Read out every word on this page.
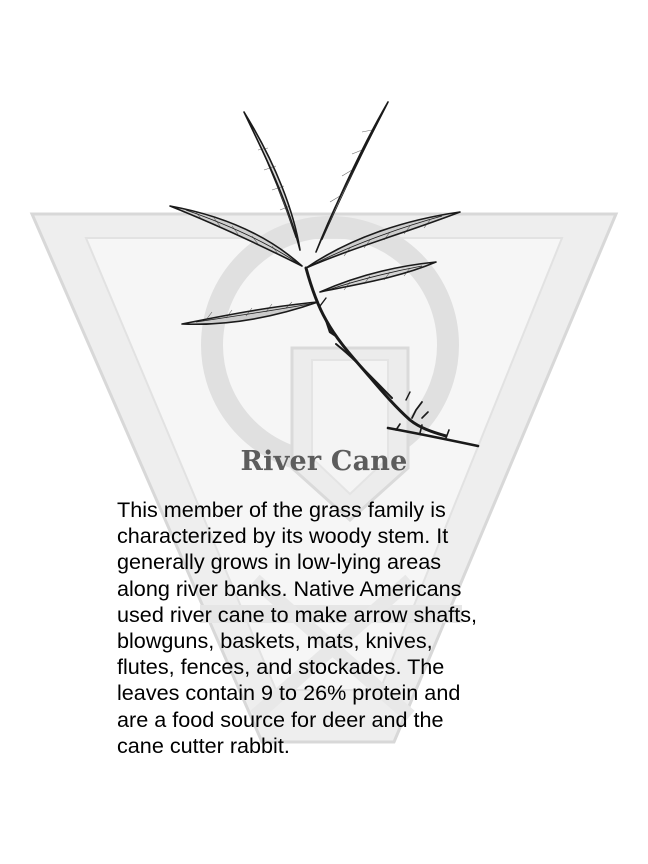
River Cane
This member of the grass family is
characterized by its woody stem. It
generally grows in low-lying areas
along river banks. Native Americans
used river cane to make arrow shafts,
blowguns, baskets, mats, knives,
flutes, fences, and stockades. The
leaves contain 9 to 26% protein and
are a food source for deer and the
cane cutter rabbit.
